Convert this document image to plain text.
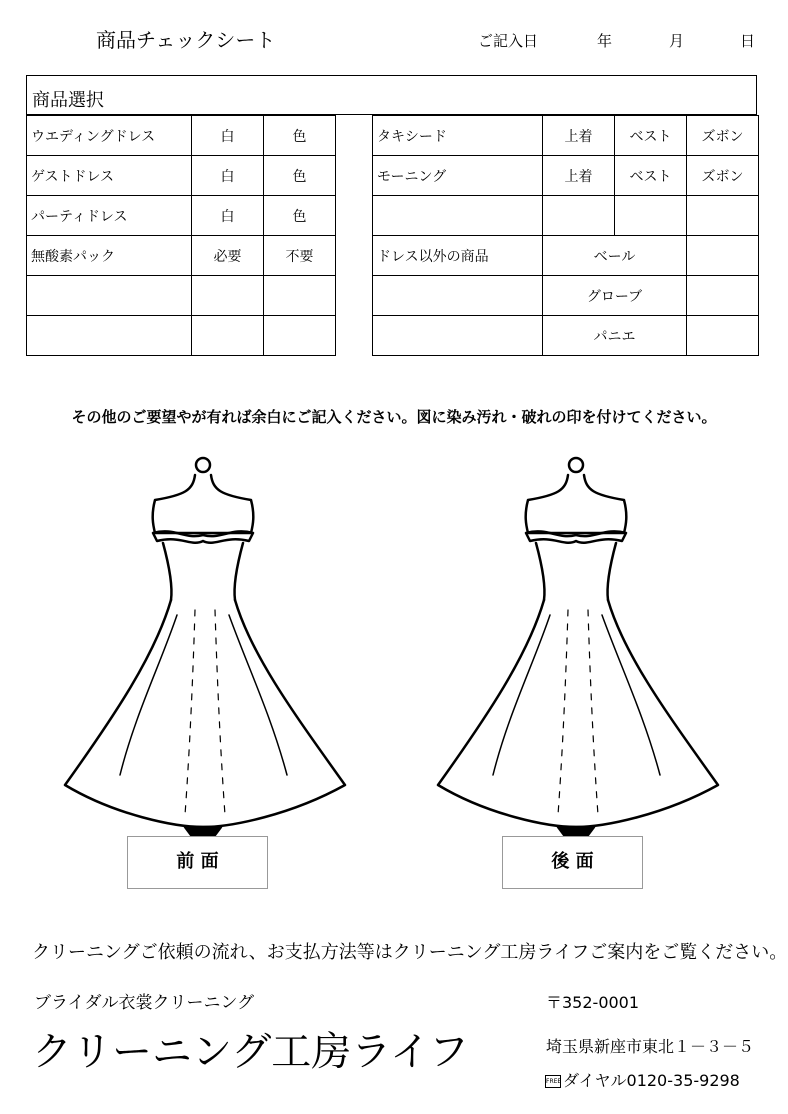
商品チェックシート	ご記入日	年	月	日
商品選択
ウエディングドレス	白	色
ゲストドレス	白	色
パーティドレス	白	色
無酸素パック	必要	不要

タキシード	上着	ベスト	ズボン
モーニング	上着	ベスト	ズボン

ドレス以外の商品	ベール		
	グローブ		
	パニエ		
その他のご要望やが有れば余白にご記入ください。図に染み汚れ・破れの印を付けてください。
前 面	後 面
クリーニングご依頼の流れ、お支払方法等はクリーニング工房ライフご案内をご覧ください。
ブライダル衣裳クリーニング
クリーニング工房ライフ
〒352-0001
埼玉県新座市東北１－３－５
FREE ダイヤル0120-35-9298
